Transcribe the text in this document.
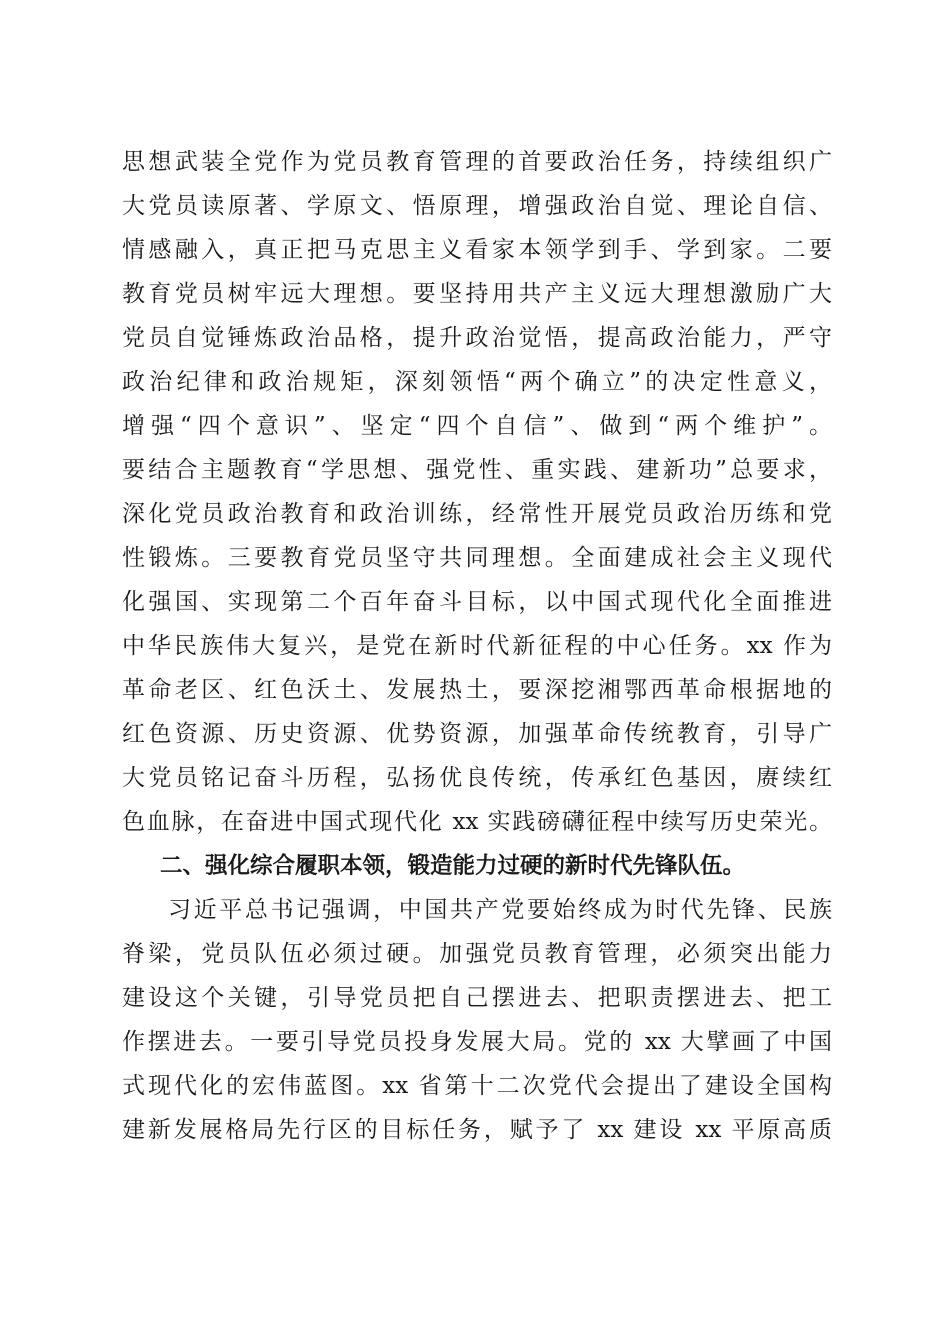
思想武装全党作为党员教育管理的首要政治任务，持续组织广
大党员读原著、学原文、悟原理，增强政治自觉、理论自信、
情感融入，真正把马克思主义看家本领学到手、学到家。二要
教育党员树牢远大理想。要坚持用共产主义远大理想激励广大
党员自觉锤炼政治品格，提升政治觉悟，提高政治能力，严守
政治纪律和政治规矩，深刻领悟“两个确立”的决定性意义，
增强“四个意识”、坚定“四个自信”、做到“两个维护”。
要结合主题教育“学思想、强党性、重实践、建新功”总要求，
深化党员政治教育和政治训练，经常性开展党员政治历练和党
性锻炼。三要教育党员坚守共同理想。全面建成社会主义现代
化强国、实现第二个百年奋斗目标，以中国式现代化全面推进
中华民族伟大复兴，是党在新时代新征程的中心任务。xx 作为
革命老区、红色沃土、发展热土，要深挖湘鄂西革命根据地的
红色资源、历史资源、优势资源，加强革命传统教育，引导广
大党员铭记奋斗历程，弘扬优良传统，传承红色基因，赓续红
色血脉，在奋进中国式现代化 xx 实践磅礴征程中续写历史荣光。
二、强化综合履职本领，锻造能力过硬的新时代先锋队伍。
习近平总书记强调，中国共产党要始终成为时代先锋、民族
脊梁，党员队伍必须过硬。加强党员教育管理，必须突出能力
建设这个关键，引导党员把自己摆进去、把职责摆进去、把工
作摆进去。一要引导党员投身发展大局。党的 xx 大擘画了中国
式现代化的宏伟蓝图。xx 省第十二次党代会提出了建设全国构
建新发展格局先行区的目标任务，赋予了 xx 建设 xx 平原高质
